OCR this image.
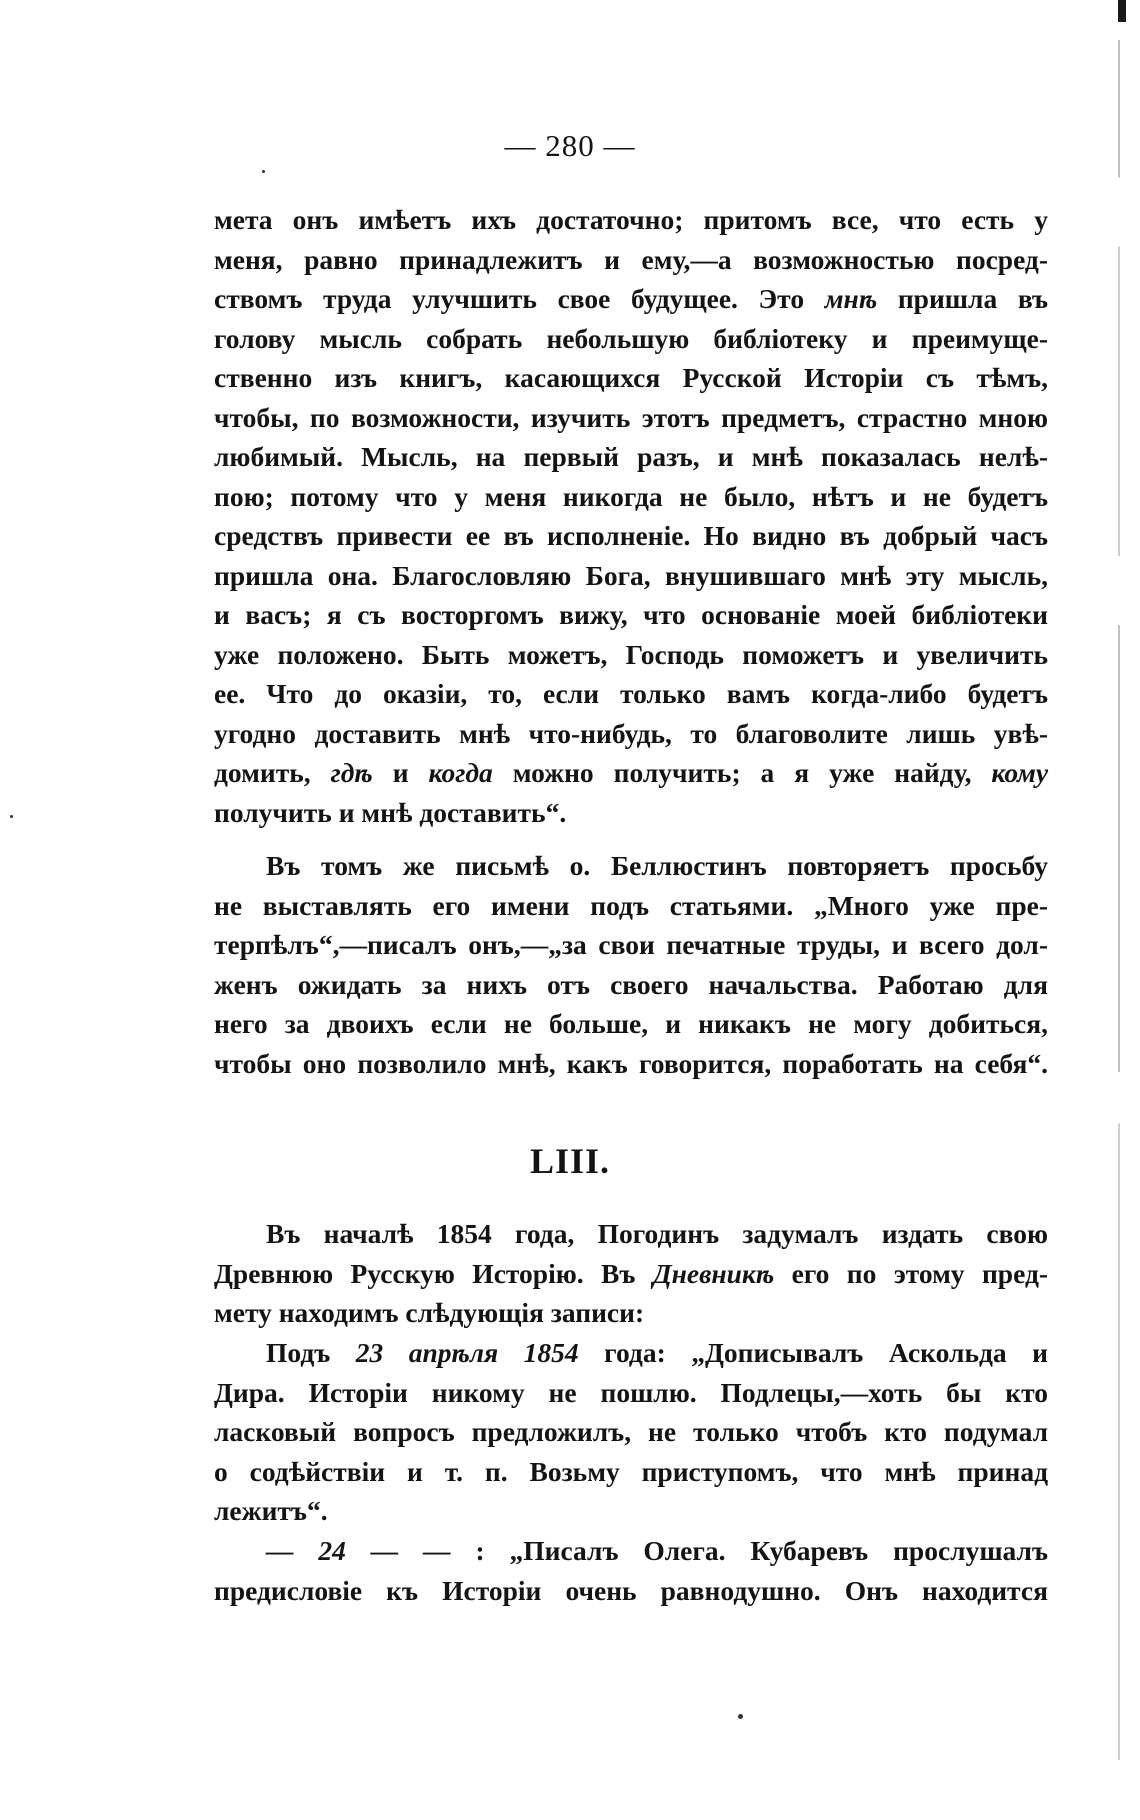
— 280 —
мета онъ имѣетъ ихъ достаточно; притомъ все, что есть у
меня, равно принадлежитъ и ему,—а возможностью посред-
ствомъ труда улучшить свое будущее. Это мнѣ пришла въ
голову мысль собрать небольшую библіотеку и преимуще-
ственно изъ книгъ, касающихся Русской Исторіи съ тѣмъ,
чтобы, по возможности, изучить этотъ предметъ, страстно мною
любимый. Мысль, на первый разъ, и мнѣ показалась нелѣ-
пою; потому что у меня никогда не было, нѣтъ и не будетъ
средствъ привести ее въ исполненіе. Но видно въ добрый часъ
пришла она. Благословляю Бога, внушившаго мнѣ эту мысль,
и васъ; я съ восторгомъ вижу, что основаніе моей библіотеки
уже положено. Быть можетъ, Господь поможетъ и увеличить
ее. Что до оказіи, то, если только вамъ когда-либо будетъ
угодно доставить мнѣ что-нибудь, то благоволите лишь увѣ-
домить, гдѣ и когда можно получить; а я уже найду, кому
получить и мнѣ доставить“.
Въ томъ же письмѣ о. Беллюстинъ повторяетъ просьбу
не выставлять его имени подъ статьями. „Много уже пре-
терпѣлъ“,—писалъ онъ,—„за свои печатные труды, и всего дол-
женъ ожидать за нихъ отъ своего начальства. Работаю для
него за двоихъ если не больше, и никакъ не могу добиться,
чтобы оно позволило мнѣ, какъ говорится, поработать на себя“.
LIII.
Въ началѣ 1854 года, Погодинъ задумалъ издать свою
Древнюю Русскую Исторію. Въ Дневникѣ его по этому пред-
мету находимъ слѣдующія записи:
Подъ 23 апрѣля 1854 года: „Дописывалъ Аскольда и
Дира. Исторіи никому не пошлю. Подлецы,—хоть бы кто
ласковый вопросъ предложилъ, не только чтобъ кто подумал
о содѣйствіи и т. п. Возьму приступомъ, что мнѣ принад
лежитъ“.
— 24 — — : „Писалъ Олега. Кубаревъ прослушалъ
предисловіе къ Исторіи очень равнодушно. Онъ находится
